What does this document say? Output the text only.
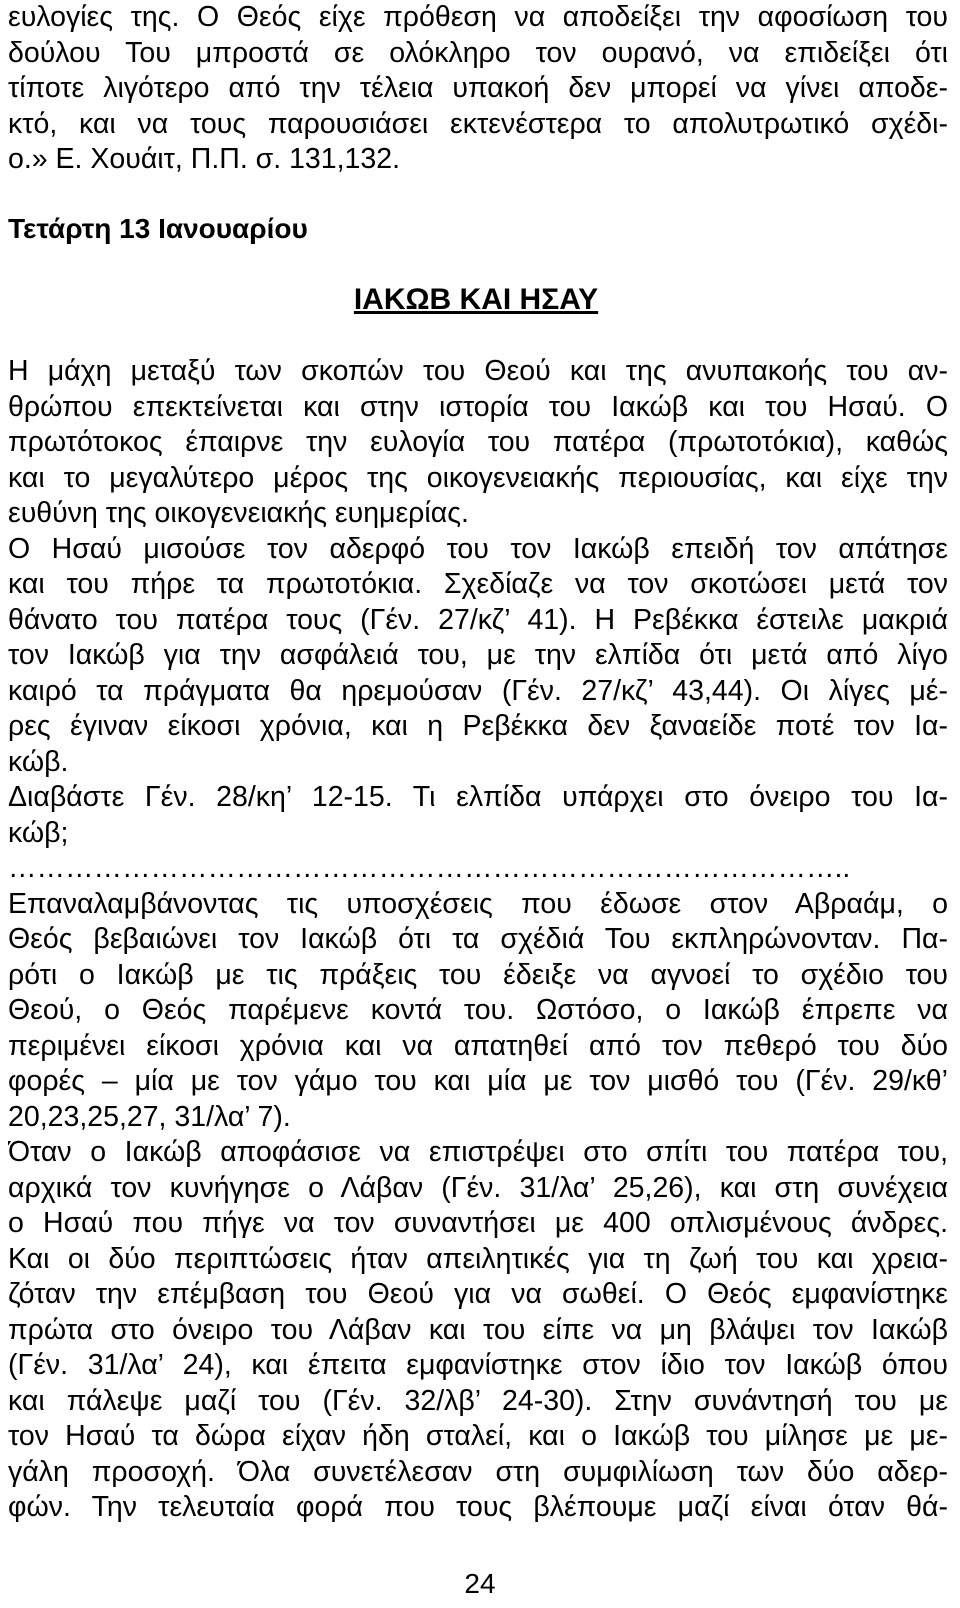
ευλογίες της. Ο Θεός είχε πρόθεση να αποδείξει την αφοσίωση του
δούλου Του μπροστά σε ολόκληρο τον ουρανό, να επιδείξει ότι
τίποτε λιγότερο από την τέλεια υπακοή δεν μπορεί να γίνει αποδε-
κτό, και να τους παρουσιάσει εκτενέστερα το απολυτρωτικό σχέδι-
ο.» Ε. Χουάιτ, Π.Π. σ. 131,132.
Τετάρτη 13 Ιανουαρίου
ΙΑΚΩΒ ΚΑΙ ΗΣΑΥ
Η μάχη μεταξύ των σκοπών του Θεού και της ανυπακοής του αν-
θρώπου επεκτείνεται και στην ιστορία του Ιακώβ και του Ησαύ. Ο
πρωτότοκος έπαιρνε την ευλογία του πατέρα (πρωτοτόκια), καθώς
και το μεγαλύτερο μέρος της οικογενειακής περιουσίας, και είχε την
ευθύνη της οικογενειακής ευημερίας.
Ο Ησαύ μισούσε τον αδερφό του τον Ιακώβ επειδή τον απάτησε
και του πήρε τα πρωτοτόκια. Σχεδίαζε να τον σκοτώσει μετά τον
θάνατο του πατέρα τους (Γέν. 27/κζ’ 41). Η Ρεβέκκα έστειλε μακριά
τον Ιακώβ για την ασφάλειά του, με την ελπίδα ότι μετά από λίγο
καιρό τα πράγματα θα ηρεμούσαν (Γέν. 27/κζ’ 43,44). Οι λίγες μέ-
ρες έγιναν είκοσι χρόνια, και η Ρεβέκκα δεν ξαναείδε ποτέ τον Ια-
κώβ.
Διαβάστε Γέν. 28/κη’ 12-15. Τι ελπίδα υπάρχει στο όνειρο του Ια-
κώβ;
……………………………………………………………………………..
Επαναλαμβάνοντας τις υποσχέσεις που έδωσε στον Αβραάμ, ο
Θεός βεβαιώνει τον Ιακώβ ότι τα σχέδιά Του εκπληρώνονταν. Πα-
ρότι ο Ιακώβ με τις πράξεις του έδειξε να αγνοεί το σχέδιο του
Θεού, ο Θεός παρέμενε κοντά του. Ωστόσο, ο Ιακώβ έπρεπε να
περιμένει είκοσι χρόνια και να απατηθεί από τον πεθερό του δύο
φορές – μία με τον γάμο του και μία με τον μισθό του (Γέν. 29/κθ’
20,23,25,27, 31/λα’ 7).
Όταν ο Ιακώβ αποφάσισε να επιστρέψει στο σπίτι του πατέρα του,
αρχικά τον κυνήγησε ο Λάβαν (Γέν. 31/λα’ 25,26), και στη συνέχεια
ο Ησαύ που πήγε να τον συναντήσει με 400 οπλισμένους άνδρες.
Και οι δύο περιπτώσεις ήταν απειλητικές για τη ζωή του και χρεια-
ζόταν την επέμβαση του Θεού για να σωθεί. Ο Θεός εμφανίστηκε
πρώτα στο όνειρο του Λάβαν και του είπε να μη βλάψει τον Ιακώβ
(Γέν. 31/λα’ 24), και έπειτα εμφανίστηκε στον ίδιο τον Ιακώβ όπου
και πάλεψε μαζί του (Γέν. 32/λβ’ 24-30). Στην συνάντησή του με
τον Ησαύ τα δώρα είχαν ήδη σταλεί, και ο Ιακώβ του μίλησε με με-
γάλη προσοχή. Όλα συνετέλεσαν στη συμφιλίωση των δύο αδερ-
φών. Την τελευταία φορά που τους βλέπουμε μαζί είναι όταν θά-
24
